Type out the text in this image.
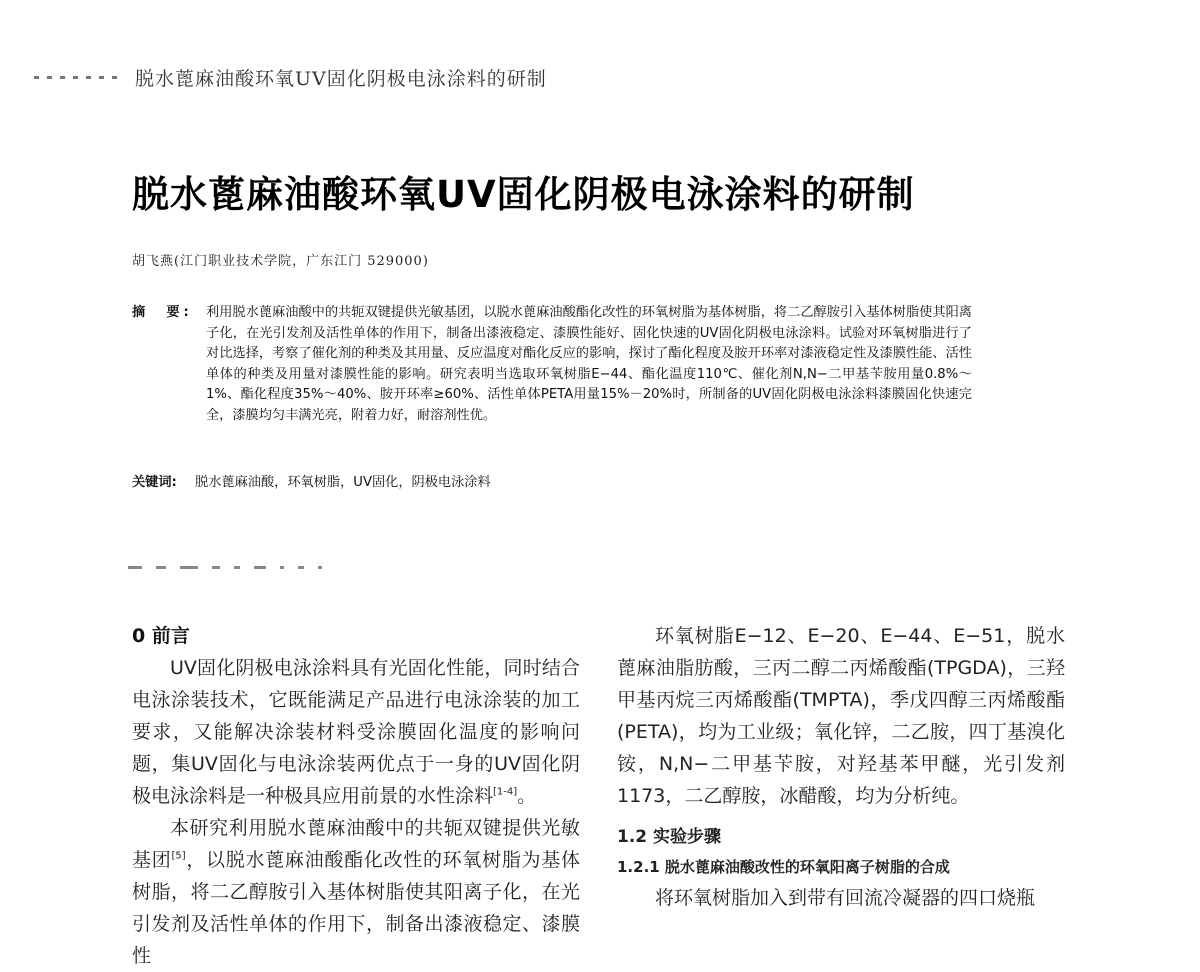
脱水蓖麻油酸环氧UV固化阴极电泳涂料的研制
脱水蓖麻油酸环氧UV固化阴极电泳涂料的研制
胡飞燕(江门职业技术学院，广东江门 529000)
摘　要: 利用脱水蓖麻油酸中的共轭双键提供光敏基团，以脱水蓖麻油酸酯化改性的环氧树脂为基体树脂，将二乙醇胺引入基体树脂使其阳离子化，在光引发剂及活性单体的作用下，制备出漆液稳定、漆膜性能好、固化快速的UV固化阴极电泳涂料。试验对环氧树脂进行了对比选择，考察了催化剂的种类及其用量、反应温度对酯化反应的影响，探讨了酯化程度及胺开环率对漆液稳定性及漆膜性能、活性单体的种类及用量对漆膜性能的影响。研究表明当选取环氧树脂E−44、酯化温度110℃、催化剂N,N−二甲基苄胺用量0.8%～1%、酯化程度35%～40%、胺开环率≥60%、活性单体PETA用量15%－20%时，所制备的UV固化阴极电泳涂料漆膜固化快速完全，漆膜均匀丰满光亮，附着力好，耐溶剂性优。
关键词: 脱水蓖麻油酸，环氧树脂，UV固化，阴极电泳涂料

0 前言

UV固化阴极电泳涂料具有光固化性能，同时结合电泳涂装技术，它既能满足产品进行电泳涂装的加工要求，又能解决涂装材料受涂膜固化温度的影响问题，集UV固化与电泳涂装两优点于一身的UV固化阴极电泳涂料是一种极具应用前景的水性涂料[1-4]。

本研究利用脱水蓖麻油酸中的共轭双键提供光敏基团[5]，以脱水蓖麻油酸酯化改性的环氧树脂为基体树脂，将二乙醇胺引入基体树脂使其阳离子化，在光引发剂及活性单体的作用下，制备出漆液稳定、漆膜性

环氧树脂E−12、E−20、E−44、E−51，脱水蓖麻油脂肪酸，三丙二醇二丙烯酸酯(TPGDA)，三羟甲基丙烷三丙烯酸酯(TMPTA)，季戊四醇三丙烯酸酯(PETA)，均为工业级；氧化锌，二乙胺，四丁基溴化铵，N,N−二甲基苄胺，对羟基苯甲醚，光引发剂1173，二乙醇胺，冰醋酸，均为分析纯。

1.2 实验步骤

1.2.1 脱水蓖麻油酸改性的环氧阳离子树脂的合成

将环氧树脂加入到带有回流冷凝器的四口烧瓶
